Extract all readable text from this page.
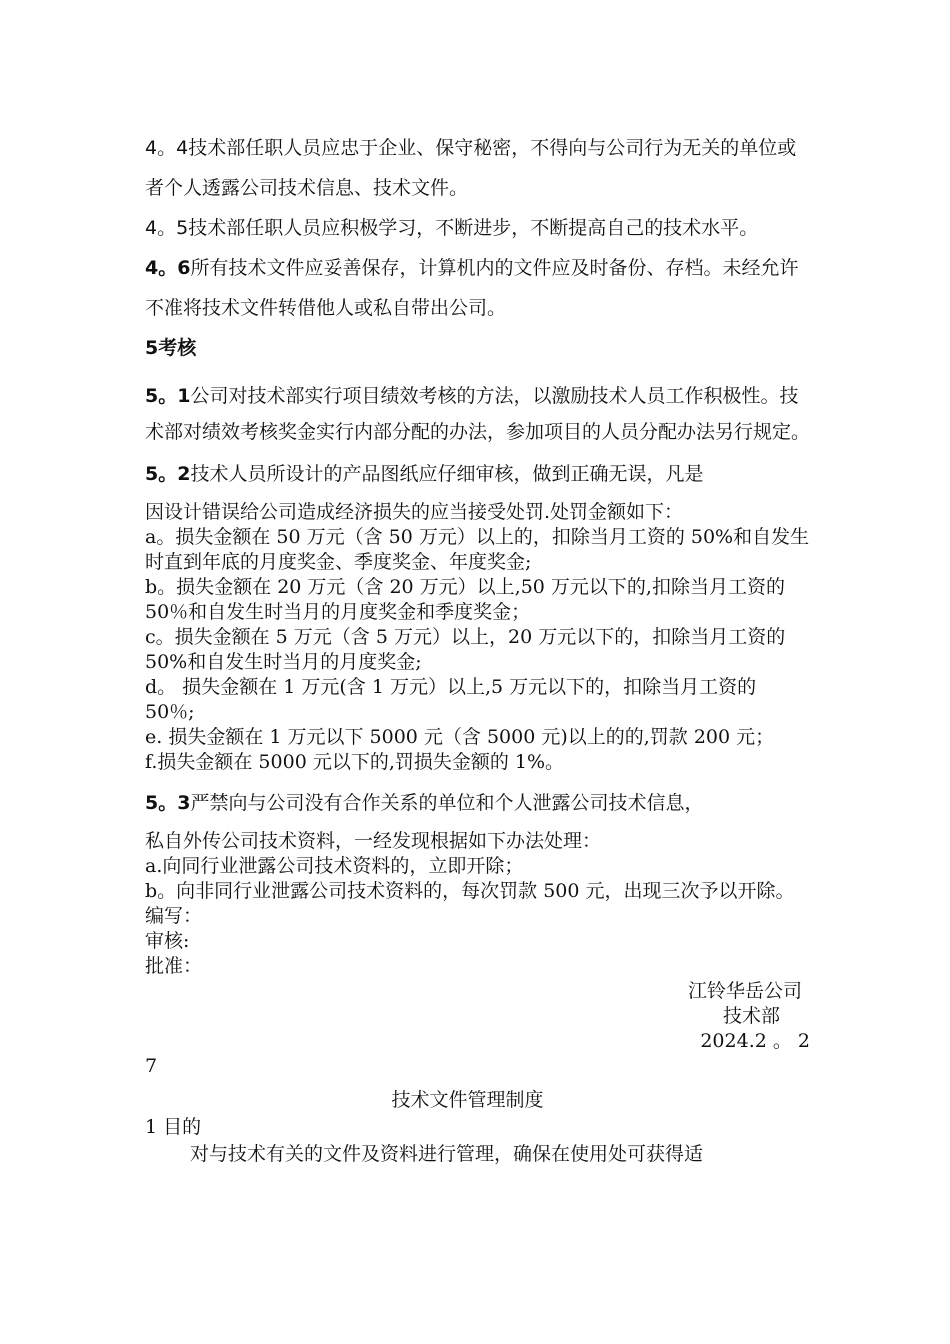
4。4技术部任职人员应忠于企业、保守秘密，不得向与公司行为无关的单位或者个人透露公司技术信息、技术文件。

4。5技术部任职人员应积极学习，不断进步，不断提高自己的技术水平。

4。6所有技术文件应妥善保存，计算机内的文件应及时备份、存档。未经允许不准将技术文件转借他人或私自带出公司。

5考核

5。1公司对技术部实行项目绩效考核的方法，以激励技术人员工作积极性。技术部对绩效考核奖金实行内部分配的办法，参加项目的人员分配办法另行规定。

5。2技术人员所设计的产品图纸应仔细审核，做到正确无误，凡是

因设计错误给公司造成经济损失的应当接受处罚.处罚金额如下：

a。损失金额在 50 万元（含 50 万元）以上的，扣除当月工资的 50%和自发生时直到年底的月度奖金、季度奖金、年度奖金;

b。损失金额在 20 万元（含 20 万元）以上,50 万元以下的,扣除当月工资的 50％和自发生时当月的月度奖金和季度奖金；

c。损失金额在 5 万元（含 5 万元）以上，20 万元以下的，扣除当月工资的 50%和自发生时当月的月度奖金;

d。 损失金额在 1 万元(含 1 万元）以上,5 万元以下的，扣除当月工资的 50％;

e. 损失金额在 1 万元以下 5000 元（含 5000 元)以上的的,罚款 200 元；

f.损失金额在 5000 元以下的,罚损失金额的 1%。

5。3严禁向与公司没有合作关系的单位和个人泄露公司技术信息，

私自外传公司技术资料，一经发现根据如下办法处理：

a.向同行业泄露公司技术资料的，立即开除；

b。向非同行业泄露公司技术资料的，每次罚款 500 元，出现三次予以开除。

编写：

审核:

批准：

江铃华岳公司
技术部
2024.2 。 2

7

技术文件管理制度

1 目的

对与技术有关的文件及资料进行管理，确保在使用处可获得适
